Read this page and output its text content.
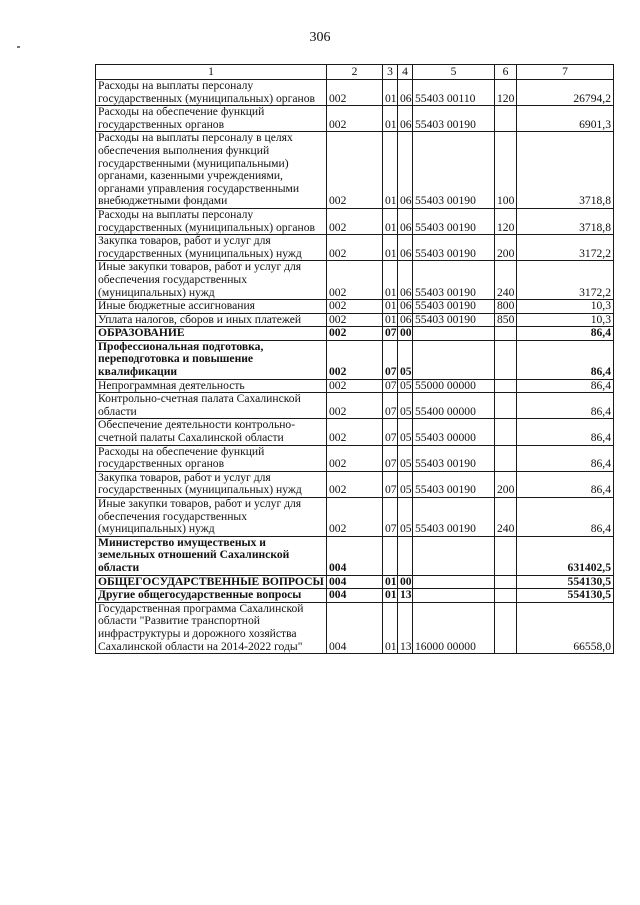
306
1	2	3	4	5	6	7
Расходы на выплаты персоналу государственных (муниципальных) органов	002	01	06	55403 00110	120	26794,2
Расходы на обеспечение функций государственных органов	002	01	06	55403 00190		6901,3
Расходы на выплаты персоналу в целях обеспечения выполнения функций государственными (муниципальными) органами, казенными учреждениями, органами управления государственными внебюджетными фондами	002	01	06	55403 00190	100	3718,8
Расходы на выплаты персоналу государственных (муниципальных) органов	002	01	06	55403 00190	120	3718,8
Закупка товаров, работ и услуг для государственных (муниципальных) нужд	002	01	06	55403 00190	200	3172,2
Иные закупки товаров, работ и услуг для обеспечения государственных (муниципальных) нужд	002	01	06	55403 00190	240	3172,2
Иные бюджетные ассигнования	002	01	06	55403 00190	800	10,3
Уплата налогов, сборов и иных платежей	002	01	06	55403 00190	850	10,3
ОБРАЗОВАНИЕ	002	07	00			86,4
Профессиональная подготовка, переподготовка и повышение квалификации	002	07	05			86,4
Непрограммная деятельность	002	07	05	55000 00000		86,4
Контрольно-счетная палата Сахалинской области	002	07	05	55400 00000		86,4
Обеспечение деятельности контрольно-счетной палаты Сахалинской области	002	07	05	55403 00000		86,4
Расходы на обеспечение функций государственных органов	002	07	05	55403 00190		86,4
Закупка товаров, работ и услуг для государственных (муниципальных) нужд	002	07	05	55403 00190	200	86,4
Иные закупки товаров, работ и услуг для обеспечения государственных (муниципальных) нужд	002	07	05	55403 00190	240	86,4
Министерство имущественых и земельных отношений Сахалинской области	004					631402,5
ОБЩЕГОСУДАРСТВЕННЫЕ ВОПРОСЫ	004	01	00			554130,5
Другие общегосударственные вопросы	004	01	13			554130,5
Государственная программа Сахалинской области "Развитие транспортной инфраструктуры и дорожного хозяйства Сахалинской области на 2014-2022 годы"	004	01	13	16000 00000		66558,0
